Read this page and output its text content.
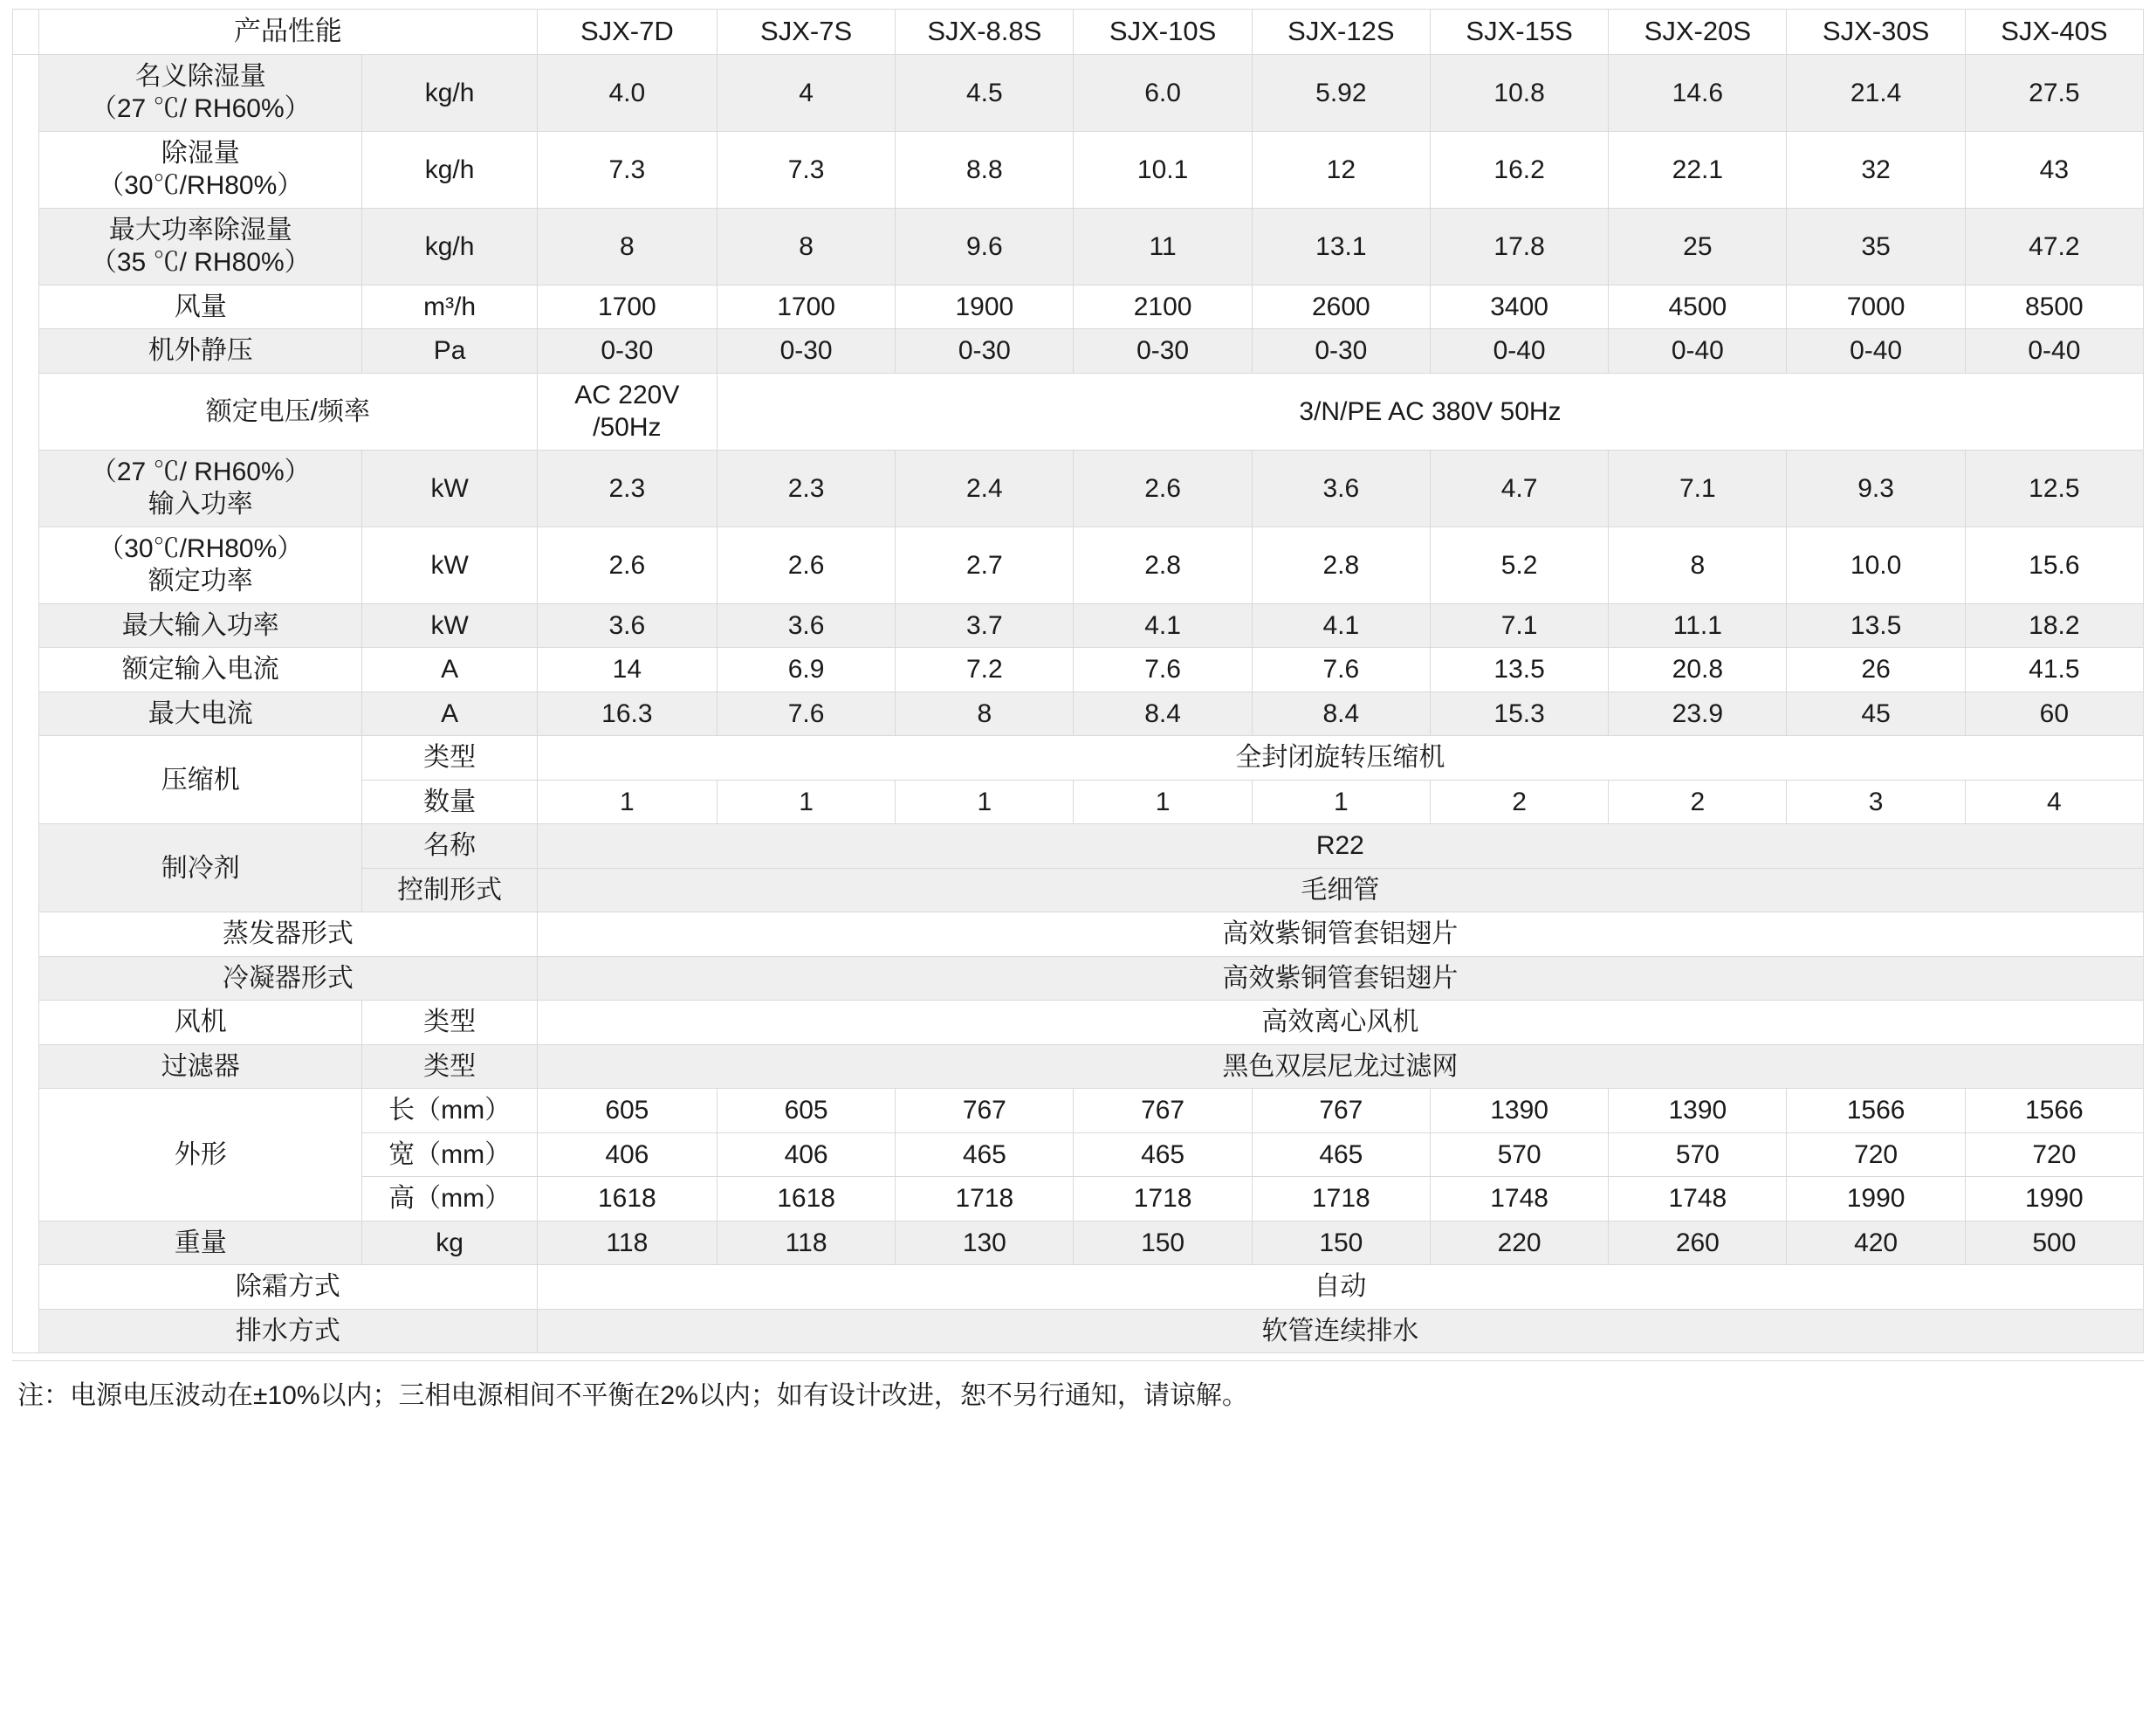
	产品性能		SJX-7D	SJX-7S	SJX-8.8S	SJX-10S	SJX-12S	SJX-15S	SJX-20S	SJX-30S	SJX-40S

	名义除湿量
（27 ℃/ RH60%）	kg/h	4.0	4	4.5	6.0	5.92	10.8	14.6	21.4	27.5

	除湿量
（30℃/RH80%）	kg/h	7.3	7.3	8.8	10.1	12	16.2	22.1	32	43

	最大功率除湿量
（35 ℃/ RH80%）	kg/h	8	8	9.6	11	13.1	17.8	25	35	47.2
	风量	m³/h	1700	1700	1900	2100	2600	3400	4500	7000	8500
	机外静压	Pa	0-30	0-30	0-30	0-30	0-30	0-40	0-40	0-40	0-40
	额定电压/频率		AC 220V /50Hz	3/N/PE AC 380V 50Hz							

	（27 ℃/ RH60%）
输入功率	kW	2.3	2.3	2.4	2.6	3.6	4.7	7.1	9.3	12.5

	（30℃/RH80%）
额定功率	kW	2.6	2.6	2.7	2.8	2.8	5.2	8	10.0	15.6
	最大输入功率	kW	3.6	3.6	3.7	4.1	4.1	7.1	11.1	13.5	18.2
	额定输入电流	A	14	6.9	7.2	7.6	7.6	13.5	20.8	26	41.5
	最大电流	A	16.3	7.6	8	8.4	8.4	15.3	23.9	45	60
	压缩机	类型	全封闭旋转压缩机								
		数量	1	1	1	1	1	2	2	3	4
	制冷剂	名称	R22								
		控制形式	毛细管								
	蒸发器形式		高效紫铜管套铝翅片								
	冷凝器形式		高效紫铜管套铝翅片								
	风机	类型	高效离心风机								
	过滤器	类型	黑色双层尼龙过滤网								
	外形	长（mm）	605	605	767	767	767	1390	1390	1566	1566
		宽（mm）	406	406	465	465	465	570	570	720	720
		高（mm）	1618	1618	1718	1718	1718	1748	1748	1990	1990
	重量	kg	118	118	130	150	150	220	260	420	500
	除霜方式		自动								
	排水方式		软管连续排水								
注：电源电压波动在±10%以内；三相电源相间不平衡在2%以内；如有设计改进，恕不另行通知，请谅解。
